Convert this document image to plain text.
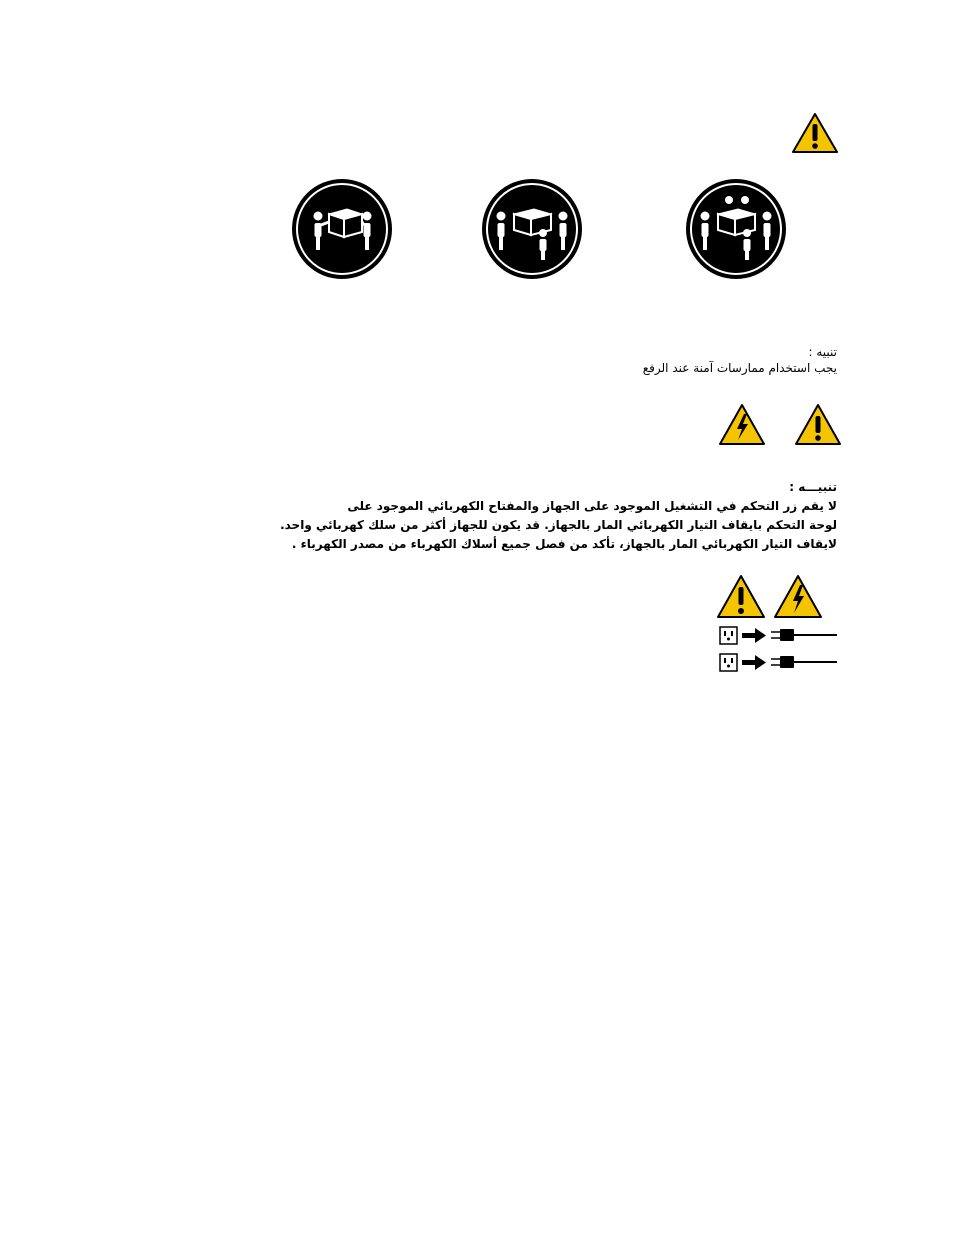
تنبيه :
يجب استخدام ممارسات آمنة عند الرفع
تنبيـــه :
لا يقم زر التحكم في التشغيل الموجود على الجهاز والمفتاح الكهربائي الموجود على
لوحة التحكم بايقاف التيار الكهربائي المار بالجهاز. قد يكون للجهاز أكثر من سلك كهربائي واحد.
لايقاف التيار الكهربائي المار بالجهاز، تأكد من فصل جميع أسلاك الكهرباء من مصدر الكهرباء .
